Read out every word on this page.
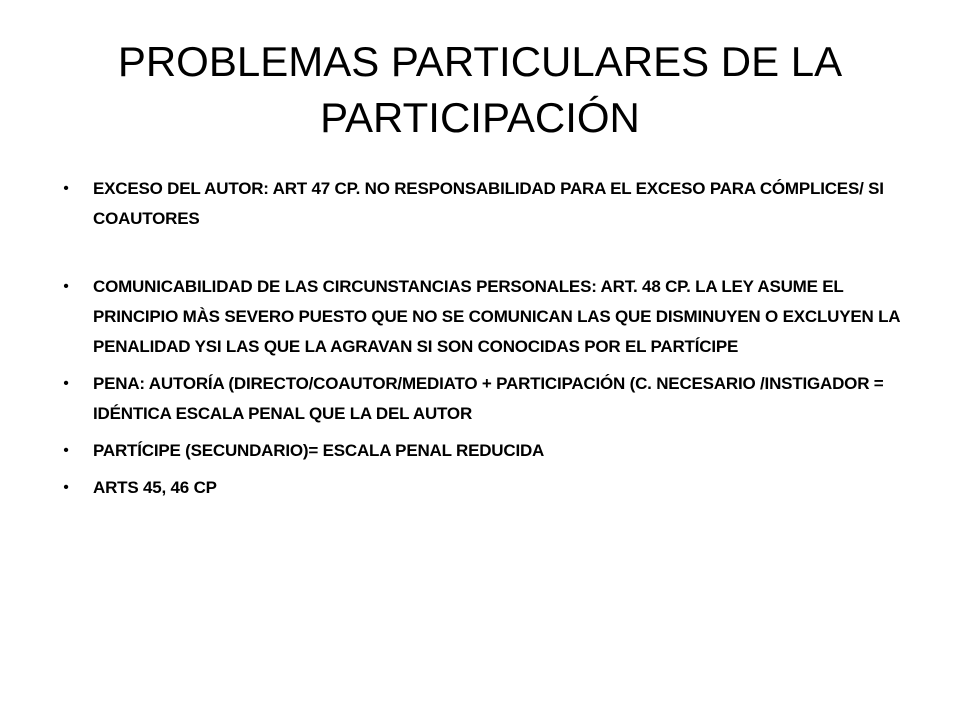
PROBLEMAS PARTICULARES DE LA
PARTICIPACIÓN
• EXCESO DEL AUTOR: ART 47 CP. NO RESPONSABILIDAD PARA EL EXCESO PARA CÓMPLICES/ SI COAUTORES
• COMUNICABILIDAD DE LAS CIRCUNSTANCIAS PERSONALES: ART. 48 CP. LA LEY ASUME EL PRINCIPIO MÀS SEVERO PUESTO QUE NO SE COMUNICAN LAS QUE DISMINUYEN O EXCLUYEN LA PENALIDAD YSI LAS QUE LA AGRAVAN SI SON CONOCIDAS POR EL PARTÍCIPE
• PENA: AUTORÍA (DIRECTO/COAUTOR/MEDIATO + PARTICIPACIÓN (C. NECESARIO /INSTIGADOR = IDÉNTICA ESCALA PENAL QUE LA DEL AUTOR
• PARTÍCIPE (SECUNDARIO)= ESCALA PENAL REDUCIDA
• ARTS 45, 46 CP
